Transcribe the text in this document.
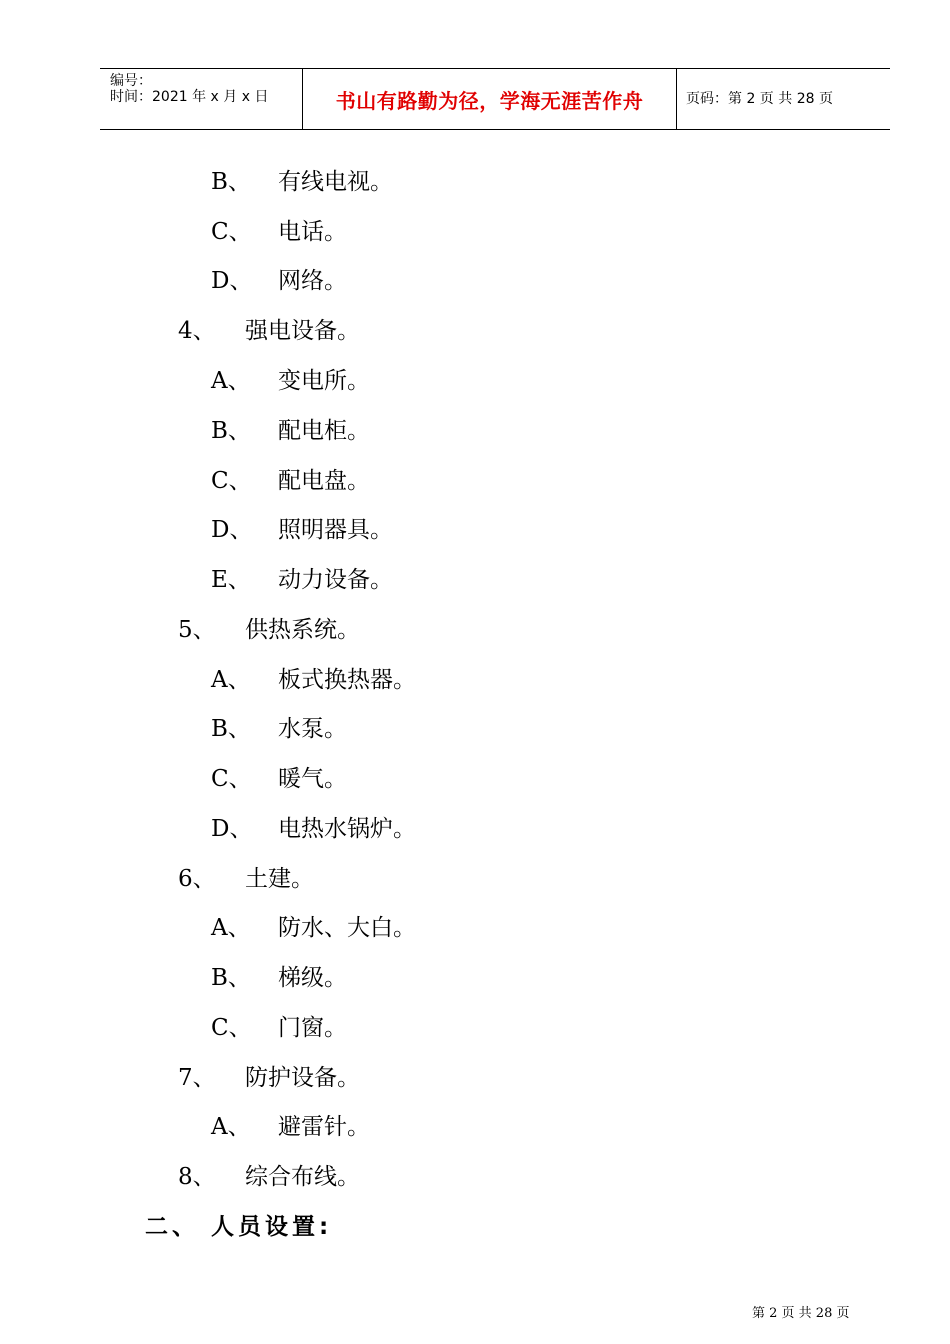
编号：
时间：2021 年 x 月 x 日	书山有路勤为径，学海无涯苦作舟	页码：第 2 页 共 28 页
B、 有线电视。
C、 电话。
D、 网络。
4、 强电设备。
A、 变电所。
B、 配电柜。
C、 配电盘。
D、 照明器具。
E、 动力设备。
5、 供热系统。
A、 板式换热器。
B、 水泵。
C、 暖气。
D、 电热水锅炉。
6、 土建。
A、 防水、大白。
B、 梯级。
C、 门窗。
7、 防护设备。
A、 避雷针。
8、 综合布线。
二、 人员设置:
第 2 页 共 28 页
